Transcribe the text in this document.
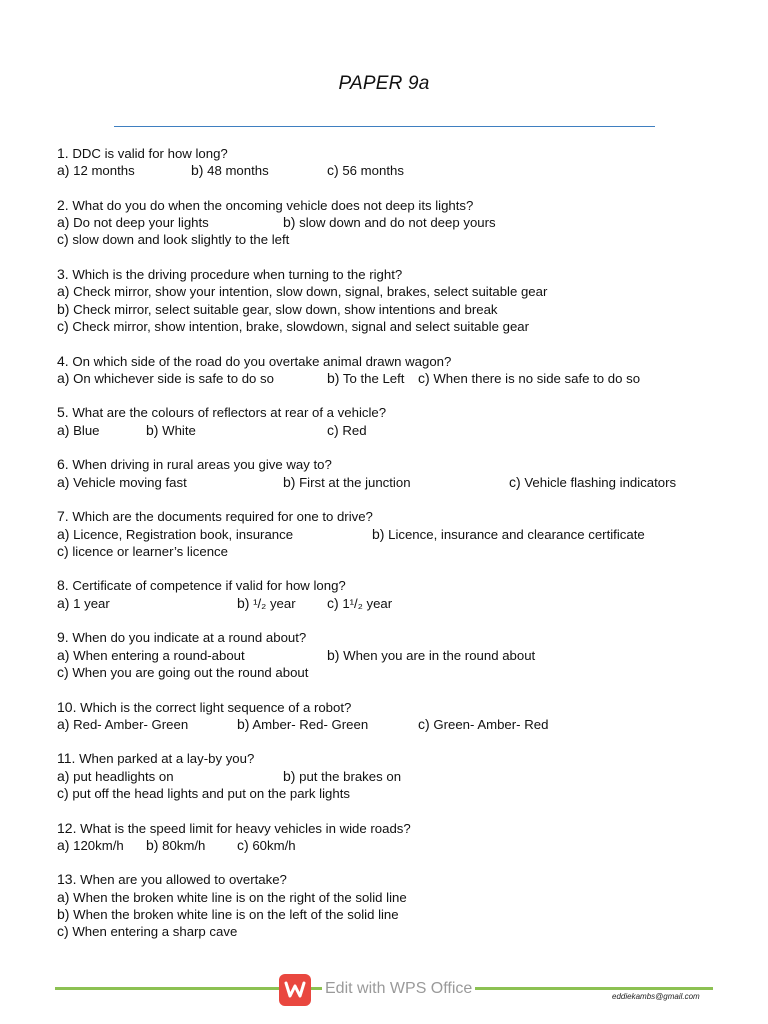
PAPER 9a
1. DDC is valid for how long?
a) 12 months	b) 48 months	c) 56 months
2. What do you do when the oncoming vehicle does not deep its lights?
a) Do not deep your lights	b) slow down and do not deep yours
c) slow down and look slightly to the left
3. Which is the driving procedure when turning to the right?
a) Check mirror, show your intention, slow down, signal, brakes, select suitable gear
b) Check mirror, select suitable gear, slow down, show intentions and break
c) Check mirror, show intention, brake, slowdown, signal and select suitable gear
4. On which side of the road do you overtake animal drawn wagon?
a) On whichever side is safe to do so	b) To the Left c) When there is no side safe to do so
5. What are the colours of reflectors at rear of a vehicle?
a) Blue	b) White	c) Red
6. When driving in rural areas you give way to?
a) Vehicle moving fast	b) First at the junction	c) Vehicle flashing indicators
7. Which are the documents required for one to drive?
a) Licence, Registration book, insurance	b) Licence, insurance and clearance certificate
c) licence or learner’s licence
8. Certificate of competence if valid for how long?
a) 1 year	b) ¹/₂ year c) 1¹/₂ year
9. When do you indicate at a round about?
a) When entering a round-about	b) When you are in the round about
c) When you are going out the round about
10. Which is the correct light sequence of a robot?
a) Red- Amber- Green	b) Amber- Red- Green	c) Green- Amber- Red
11. When parked at a lay-by you?
a) put headlights on	b) put the brakes on
c) put off the head lights and put on the park lights
12. What is the speed limit for heavy vehicles in wide roads?
a) 120km/h b) 80km/h c) 60km/h
13. When are you allowed to overtake?
a) When the broken white line is on the right of the solid line
b) When the broken white line is on the left of the solid line
c) When entering a sharp cave
Edit with WPS Office	eddiekambs@gmail.com
